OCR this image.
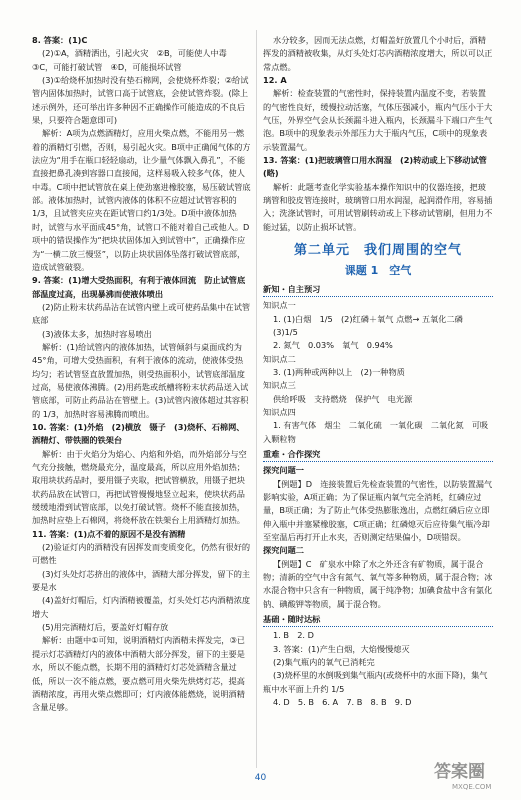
8. 答案：(1)C
(2)①A，酒精洒出，引起火灾　②B，可能使人中毒　③C，可能打破试管　④D，可能损坏试管
(3)①给烧杯加热时没有垫石棉网，会使烧杯炸裂；②给试管内固体加热时，试管口高于试管底，会使试管炸裂。(除上述示例外，还可举出许多种因不正确操作可能造成的不良后果，只要符合题意即可)
解析：A项为点燃酒精灯，应用火柴点燃，不能用另一燃着的酒精灯引燃，否则，易引起火灾。B项中正确闻气体的方法应为“用手在瓶口轻轻扇动，让少量气体飘入鼻孔”，不能直接把鼻孔凑到容器口直接闻，这样易吸入较多气体，使人中毒。C项中把试管放在桌上使劲塞进橡胶塞，易压破试管底部。液体加热时，试管内液体的体积不应超过试管容积的1/3，且试管夹应夹在距试管口约1/3处。D项中液体加热时，试管与水平面成45°角，试管口不能对着自己或他人。D项中的错误操作为“把块状固体加入到试管中”，正确操作应为“一横二放三慢竖”，以防止块状固体坠落打破试管底部，造成试管破裂。
9. 答案：(1)增大受热面积，有利于液体回流　防止试管底部温度过高，出现暴沸而使液体喷出
(2)防止粉末状药品沾在试管内壁上或可使药品集中在试管底部
(3)液体太多，加热时容易喷出
解析：(1)给试管内的液体加热，试管倾斜与桌面成约为45°角，可增大受热面积，有利于液体的流动，使液体受热均匀；若试管竖直放置加热，则受热面积小，试管底部温度过高，易使液体沸腾。(2)用药匙或纸槽将粉末状药品送入试管底部，可防止药品沾在管壁上。(3)试管内液体超过其容积的 1/3，加热时容易沸腾而喷出。
10. 答案：(1)外焰　(2)横放　镊子　(3)烧杯、石棉网、酒精灯、带铁圈的铁架台
解析：由于火焰分为焰心、内焰和外焰，而外焰部分与空气充分接触，燃烧最充分，温度最高，所以应用外焰加热；取用块状药品时，要用镊子夹取，把试管横放，用镊子把块状药品放在试管口，再把试管慢慢地竖立起来，使块状药品缓缓地滑到试管底部，以免打破试管。烧杯不能直接加热，加热时应垫上石棉网，将烧杯放在铁架台上用酒精灯加热。
11. 答案：(1)点不着的原因不是没有酒精
(2)验证灯内的酒精没有因挥发而变质变化，仍然有很好的可燃性
(3)灯头处灯芯挤出的液体中，酒精大部分挥发，留下的主要是水
(4)盖好灯帽后，灯内酒精被覆盖，灯头处灯芯内酒精浓度增大
(5)用完酒精灯后，要盖好灯帽存放
解析：由题中①可知，说明酒精灯内酒精未挥发完，③已提示灯芯酒精灯内的液体中酒精大部分挥发，留下的主要是水，所以不能点燃，长期不用的酒精灯灯芯处酒精含量过低，所以一次不能点燃，要点燃可用火柴先烘烤灯芯，提高酒精浓度，再用火柴点燃即可；灯内液体能燃烧，说明酒精含量足够。
水分较多，因而无法点燃，灯帽盖好放置几个小时后，酒精挥发的酒精被收集，从灯头处灯芯内酒精浓度增大，所以可以正常点燃。
12. A
解析：检查装置的气密性时，保持装置内温度不变，若装置的气密性良好，缓慢拉动活塞，气体压强减小，瓶内气压小于大气压，外界空气会从长颈漏斗进入瓶内，长颈漏斗下端口产生气泡。B项中的现象表示外部压力大于瓶内气压，C项中的现象表示装置漏气。
13. 答案：(1)把玻璃管口用水润湿　(2)转动或上下移动试管(略)
解析：此题考查化学实验基本操作知识中的仪器连接，把玻璃管和胶皮管连接时，玻璃管口用水润湿，起润滑作用，容易插入；洗涤试管时，可用试管刷转动或上下移动试管刷，但用力不能过猛，以防止损坏试管。
第二单元　我们周围的空气
课题 1　空气
新知・自主预习
知识点一
1. (1)白烟　1/5　(2)红磷＋氧气 点燃→ 五氧化二磷
(3)1/5
2. 氮气　0.03%　氧气　0.94%
知识点二
3. (1)两种或两种以上　(2)一种物质
知识点三
供给呼吸　支持燃烧　保护气　电光源
知识点四
1. 有害气体　烟尘　二氧化硫　一氧化碳　二氧化氮　可吸入颗粒物
重难・合作探究
探究问题一
【例题】D　连接装置后先检查装置的气密性，以防装置漏气影响实验，A项正确；为了保证瓶内氧气完全消耗，红磷应过量，B项正确；为了防止气体受热膨胀逸出，点燃红磷后应立即伸入瓶中并塞紧橡胶塞，C项正确；红磷熄灭后应待集气瓶冷却至室温后再打开止水夹，否则测定结果偏小，D项错误。
探究问题二
【例题】C　矿泉水中除了水之外还含有矿物质，属于混合物；清新的空气中含有氮气、氧气等多种物质，属于混合物；冰水混合物中只含有一种物质，属于纯净物；加碘食盐中含有氯化钠、碘酸钾等物质，属于混合物。
基础・随时达标
1. B　2. D
3. 答案：(1)产生白烟，大焰慢慢熄灭
(2)集气瓶内的氧气已消耗完
(3)烧杯里的水倒吸到集气瓶内(或烧杯中的水面下降)，集气瓶中水平面上升约 1/5
4. D　5. B　6. A　7. B　8. B　9. D
40	答案圈
MXQE.COM
